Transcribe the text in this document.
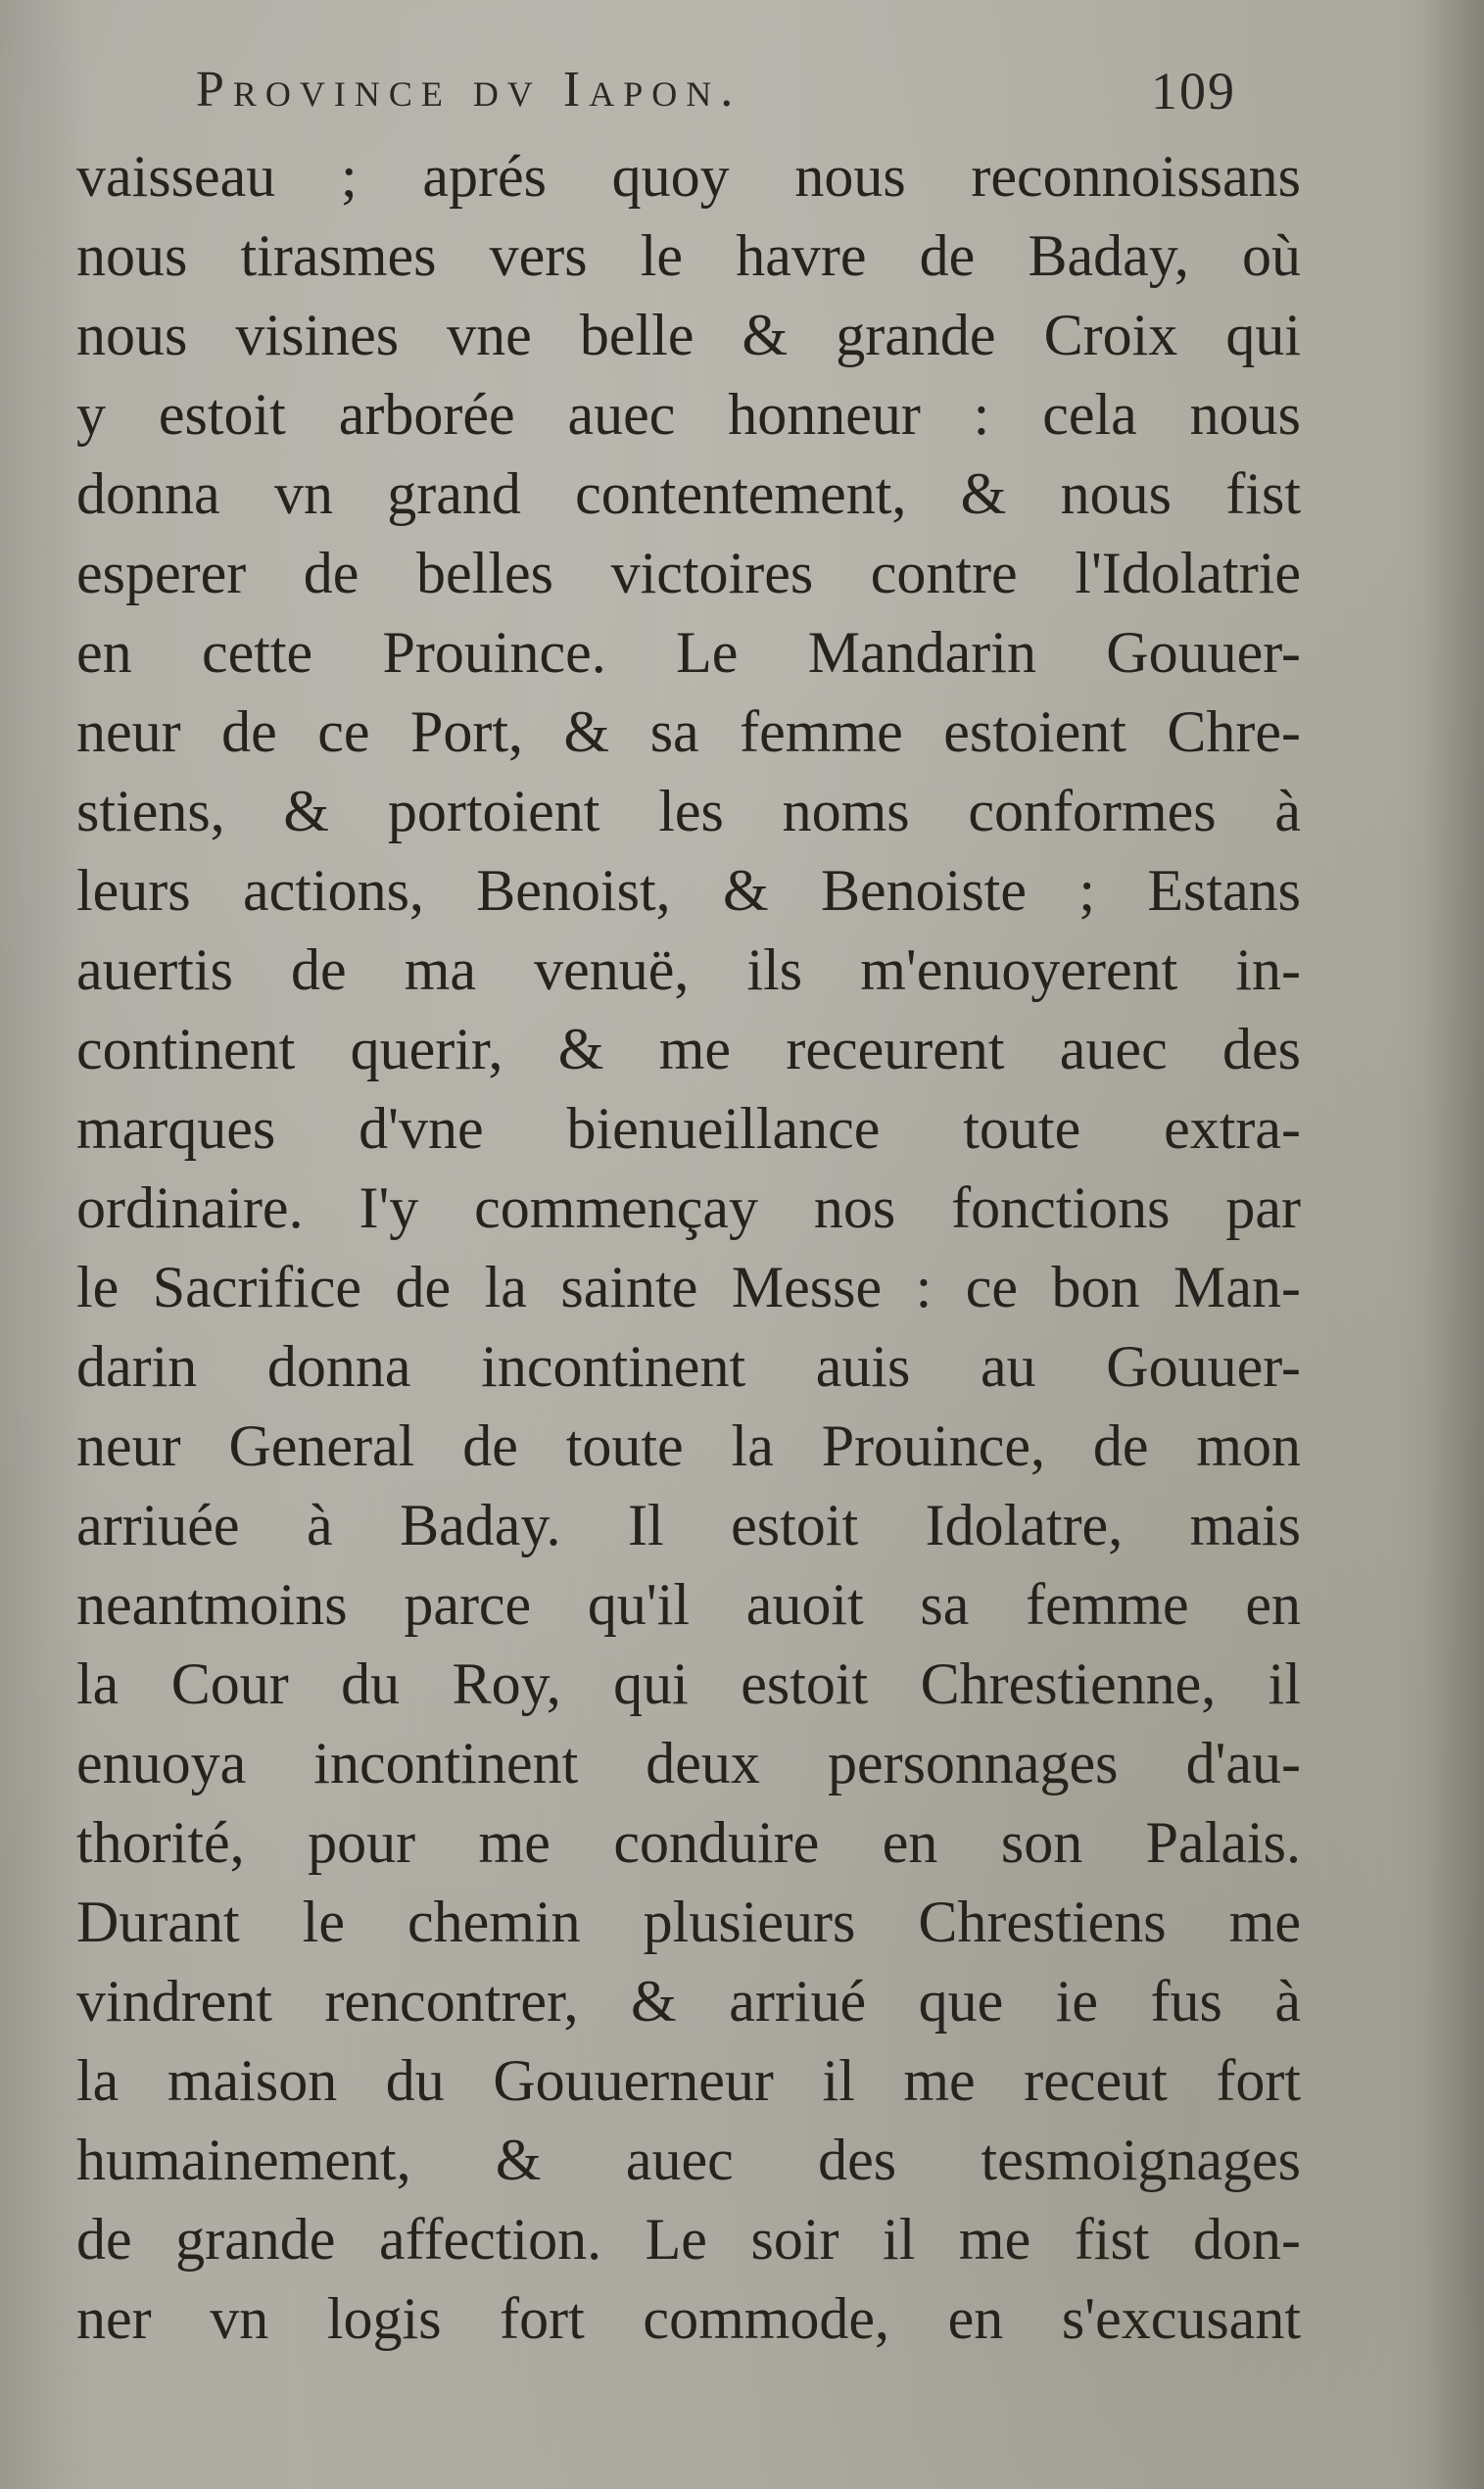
Province dv Iapon.	109
vaisseau ; aprés quoy nous reconnoissans
nous tirasmes vers le havre de Baday, où
nous visines vne belle & grande Croix qui
y estoit arborée auec honneur : cela nous
donna vn grand contentement, & nous fist
esperer de belles victoires contre l'Idolatrie
en cette Prouince. Le Mandarin Gouuer-
neur de ce Port, & sa femme estoient Chre-
stiens, & portoient les noms conformes à
leurs actions, Benoist, & Benoiste ; Estans
auertis de ma venuë, ils m'enuoyerent in-
continent querir, & me receurent auec des
marques d'vne bienueillance toute extra-
ordinaire. I'y commençay nos fonctions par
le Sacrifice de la sainte Messe : ce bon Man-
darin donna incontinent auis au Gouuer-
neur General de toute la Prouince, de mon
arriuée à Baday. Il estoit Idolatre, mais
neantmoins parce qu'il auoit sa femme en
la Cour du Roy, qui estoit Chrestienne, il
enuoya incontinent deux personnages d'au-
thorité, pour me conduire en son Palais.
Durant le chemin plusieurs Chrestiens me
vindrent rencontrer, & arriué que ie fus à
la maison du Gouuerneur il me receut fort
humainement, & auec des tesmoignages
de grande affection. Le soir il me fist don-
ner vn logis fort commode, en s'excusant
